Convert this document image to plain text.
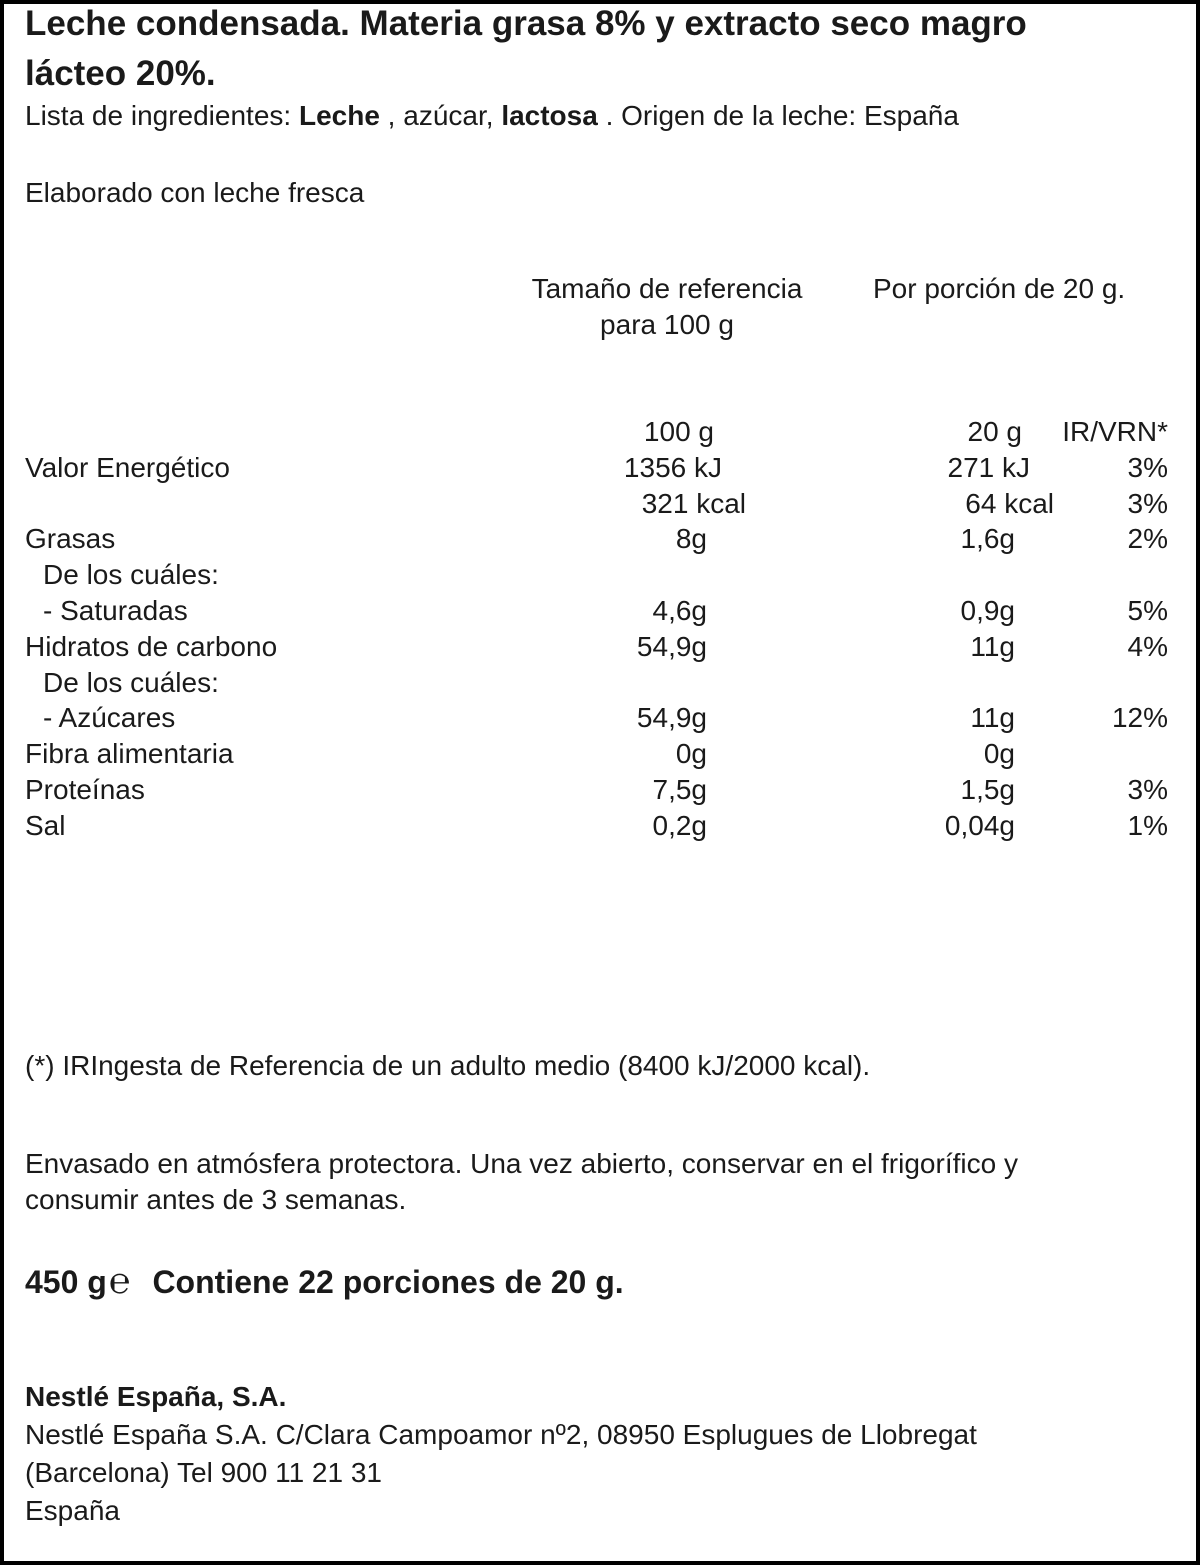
Leche condensada. Materia grasa 8% y extracto seco magro
lácteo 20%.
Lista de ingredientes: Leche , azúcar, lactosa . Origen de la leche: España
Elaborado con leche fresca
Tamaño de referencia
para 100 g
Por porción de 20 g.
100 g	20 g	IR/VRN*
Valor Energético	1356 kJ	271 kJ	3%
321 kcal	64 kcal	3%
Grasas	8g	1,6g	2%
De los cuáles:
- Saturadas	4,6g	0,9g	5%
Hidratos de carbono	54,9g	11g	4%
De los cuáles:
- Azúcares	54,9g	11g	12%
Fibra alimentaria	0g	0g
Proteínas	7,5g	1,5g	3%
Sal	0,2g	0,04g	1%
(*) IRIngesta de Referencia de un adulto medio (8400 kJ/2000 kcal).
Envasado en atmósfera protectora. Una vez abierto, conservar en el frigorífico y
consumir antes de 3 semanas.
450 g℮ Contiene 22 porciones de 20 g.
Nestlé España, S.A.
Nestlé España S.A. C/Clara Campoamor nº2, 08950 Esplugues de Llobregat
(Barcelona) Tel 900 11 21 31
España
